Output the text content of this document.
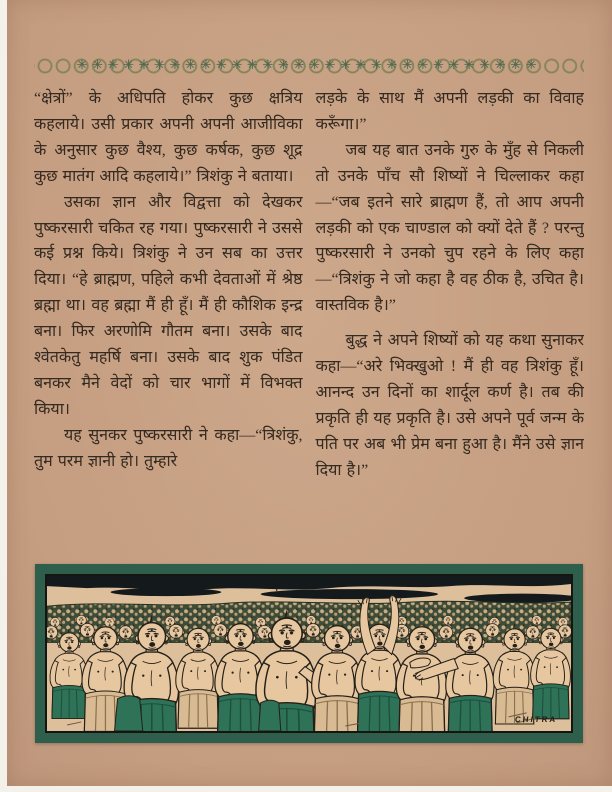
✳✳✳✳✳✳✳✳✳✳✳✳✳✳✳✳✳✳✳✳✳✳✳✳✳✳✳✳✳✳

“क्षेत्रों” के अधिपति होकर कुछ क्षत्रिय कहलाये। उसी प्रकार अपनी अपनी आजीविका के अनुसार कुछ वैश्य, कुछ कर्षक, कुछ शूद्र कुछ मातंग आदि कहलाये।” त्रिशंकु ने बताया।

उसका ज्ञान और विद्वत्ता को देखकर पुष्करसारी चकित रह गया। पुष्करसारी ने उससे कई प्रश्न किये। त्रिशंकु ने उन सब का उत्तर दिया। “हे ब्राह्मण, पहिले कभी देवताओं में श्रेष्ठ ब्रह्मा था। वह ब्रह्मा मैं ही हूँ। मैं ही कौशिक इन्द्र बना। फिर अरणोमि गौतम बना। उसके बाद श्वेतकेतु महर्षि बना। उसके बाद शुक पंडित बनकर मैने वेदों को चार भागों में विभक्त किया।

यह सुनकर पुष्करसारी ने कहा—“त्रिशंकु, तुम परम ज्ञानी हो। तुम्हारे

लड़के के साथ मैं अपनी लड़की का विवाह करूँगा।”

जब यह बात उनके गुरु के मुँह से निकली तो उनके पाँच सौ शिष्यों ने चिल्लाकर कहा—“जब इतने सारे ब्राह्मण हैं, तो आप अपनी लड़की को एक चाण्डाल को क्यों देते हैं ? परन्तु पुष्करसारी ने उनको चुप रहने के लिए कहा—“त्रिशंकु ने जो कहा है वह ठीक है, उचित है। वास्तविक है।”

बुद्ध ने अपने शिष्यों को यह कथा सुनाकर कहा—“अरे भिक्खुओ ! मैं ही वह त्रिशंकु हूँ। आनन्द उन दिनों का शार्दूल कर्ण है। तब की प्रकृति ही यह प्रकृति है। उसे अपने पूर्व जन्म के पति पर अब भी प्रेम बना हुआ है। मैंने उसे ज्ञान दिया है।”

CHITRA
